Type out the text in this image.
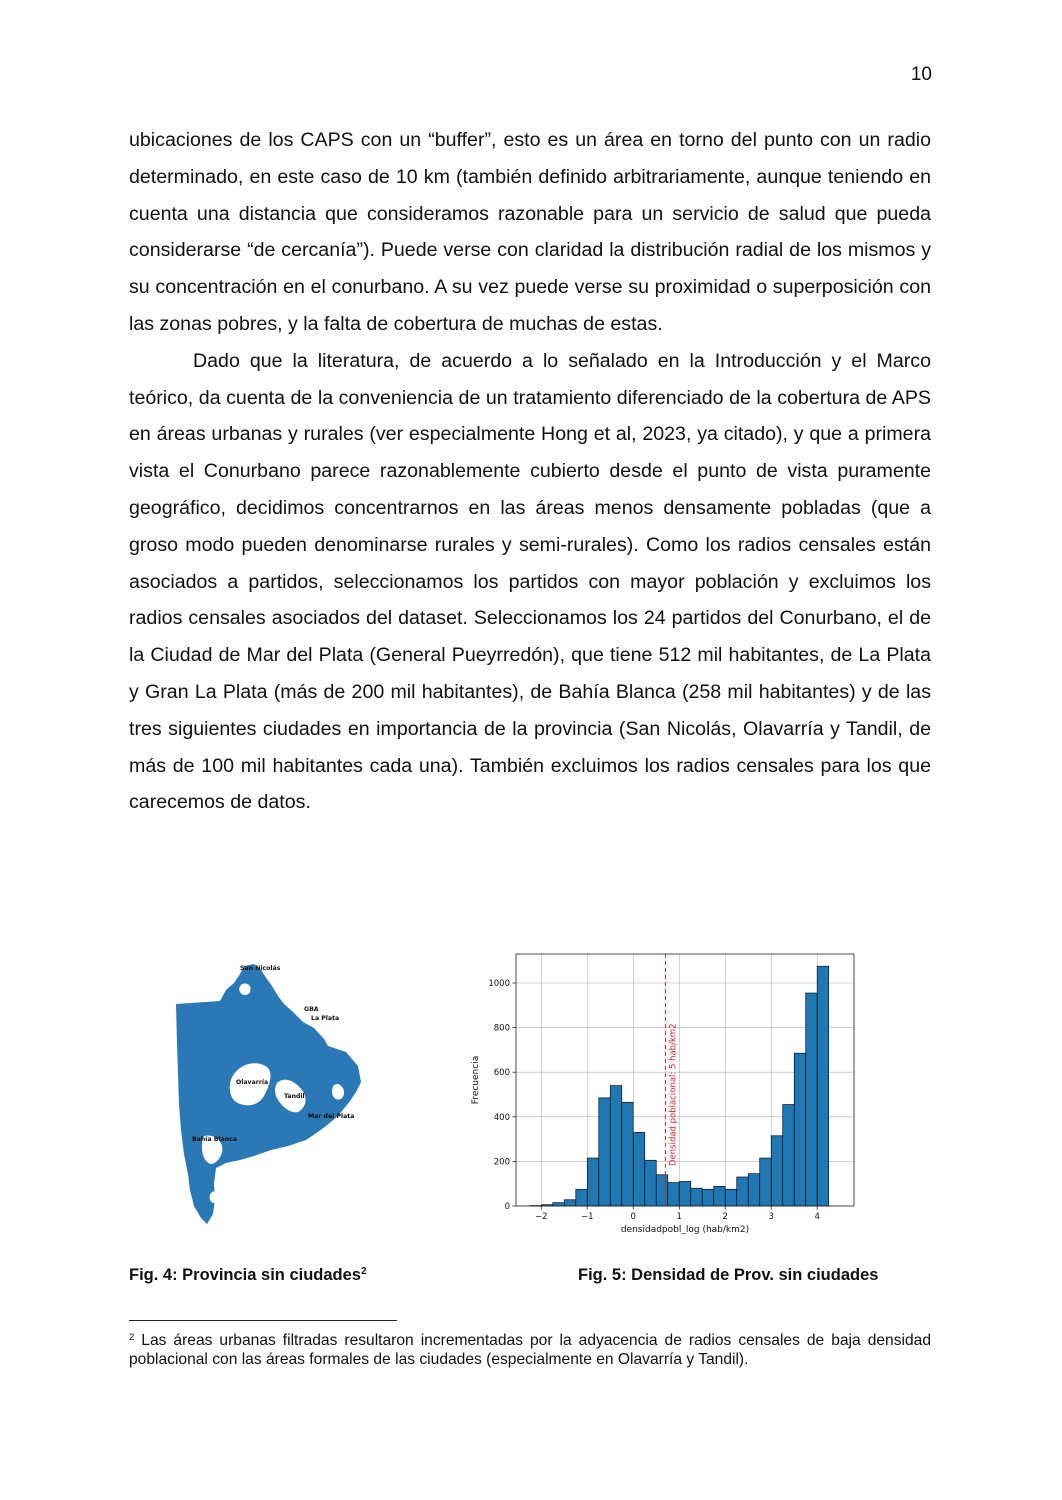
10

ubicaciones de los CAPS con un “buffer”, esto es un área en torno del punto con un radio determinado, en este caso de 10 km (también definido arbitrariamente, aunque teniendo en cuenta una distancia que consideramos razonable para un servicio de salud que pueda considerarse “de cercanía”). Puede verse con claridad la distribución radial de los mismos y su concentración en el conurbano. A su vez puede verse su proximidad o superposición con las zonas pobres, y la falta de cobertura de muchas de estas.

Dado que la literatura, de acuerdo a lo señalado en la Introducción y el Marco teórico, da cuenta de la conveniencia de un tratamiento diferenciado de la cobertura de APS en áreas urbanas y rurales (ver especialmente Hong et al, 2023, ya citado), y que a primera vista el Conurbano parece razonablemente cubierto desde el punto de vista puramente geográfico, decidimos concentrarnos en las áreas menos densamente pobladas (que a groso modo pueden denominarse rurales y semi-rurales). Como los radios censales están asociados a partidos, seleccionamos los partidos con mayor población y excluimos los radios censales asociados del dataset. Seleccionamos los 24 partidos del Conurbano, el de la Ciudad de Mar del Plata (General Pueyrredón), que tiene 512 mil habitantes, de La Plata y Gran La Plata (más de 200 mil habitantes), de Bahía Blanca (258 mil habitantes) y de las tres siguientes ciudades en importancia de la provincia (San Nicolás, Olavarría y Tandil, de más de 100 mil habitantes cada una). También excluimos los radios censales para los que carecemos de datos.

San Nicolás
GBA
La Plata
Olavarría
Tandil
Mar del Plata
Bahía Blanca	Densidad poblacional: 5 hab/km2
−2	−1	0	1	2	3	4
0
200
400
600
800
1000
densidadpobl_log (hab/km2)
Frecuencia
Fig. 4: Provincia sin ciudades$^2$	Fig. 5: Densidad de Prov. sin ciudades
$^2$ Las áreas urbanas filtradas resultaron incrementadas por la adyacencia de radios censales de baja densidad poblacional con las áreas formales de las ciudades (especialmente en Olavarría y Tandil).
